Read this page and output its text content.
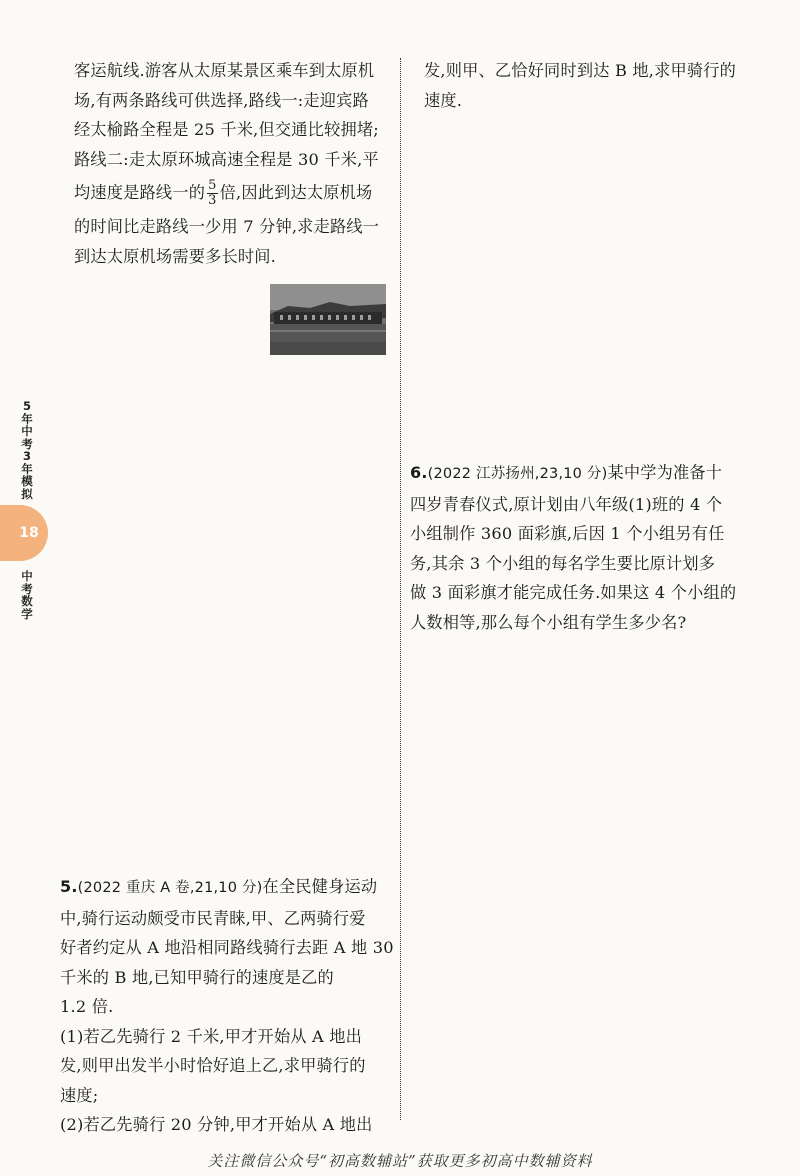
客运航线.游客从太原某景区乘车到太原机

场,有两条路线可供选择,路线一:走迎宾路

经太榆路全程是 25 千米,但交通比较拥堵;

路线二:走太原环城高速全程是 30 千米,平

均速度是路线一的 $\frac{5}{3}$ 倍,因此到达太原机场

的时间比走路线一少用 7 分钟,求走路线一

到达太原机场需要多长时间.

发,则甲、乙恰好同时到达 B 地,求甲骑行的

速度.

6.(2022 江苏扬州,23,10 分)某中学为准备十

四岁青春仪式,原计划由八年级(1)班的 4 个

小组制作 360 面彩旗,后因 1 个小组另有任

务,其余 3 个小组的每名学生要比原计划多

做 3 面彩旗才能完成任务.如果这 4 个小组的

人数相等,那么每个小组有学生多少名?

5.(2022 重庆 A 卷,21,10 分)在全民健身运动

中,骑行运动颇受市民青睐,甲、乙两骑行爱

好者约定从 A 地沿相同路线骑行去距 A 地 30

千米的 B 地,已知甲骑行的速度是乙的

1.2 倍.

(1)若乙先骑行 2 千米,甲才开始从 A 地出

发,则甲出发半小时恰好追上乙,求甲骑行的

速度;

(2)若乙先骑行 20 分钟,甲才开始从 A 地出

5
年
中
考
3
年
模
拟
18
中
考
数
学
关注微信公众号“初高数辅站”获取更多初高中数辅资料
